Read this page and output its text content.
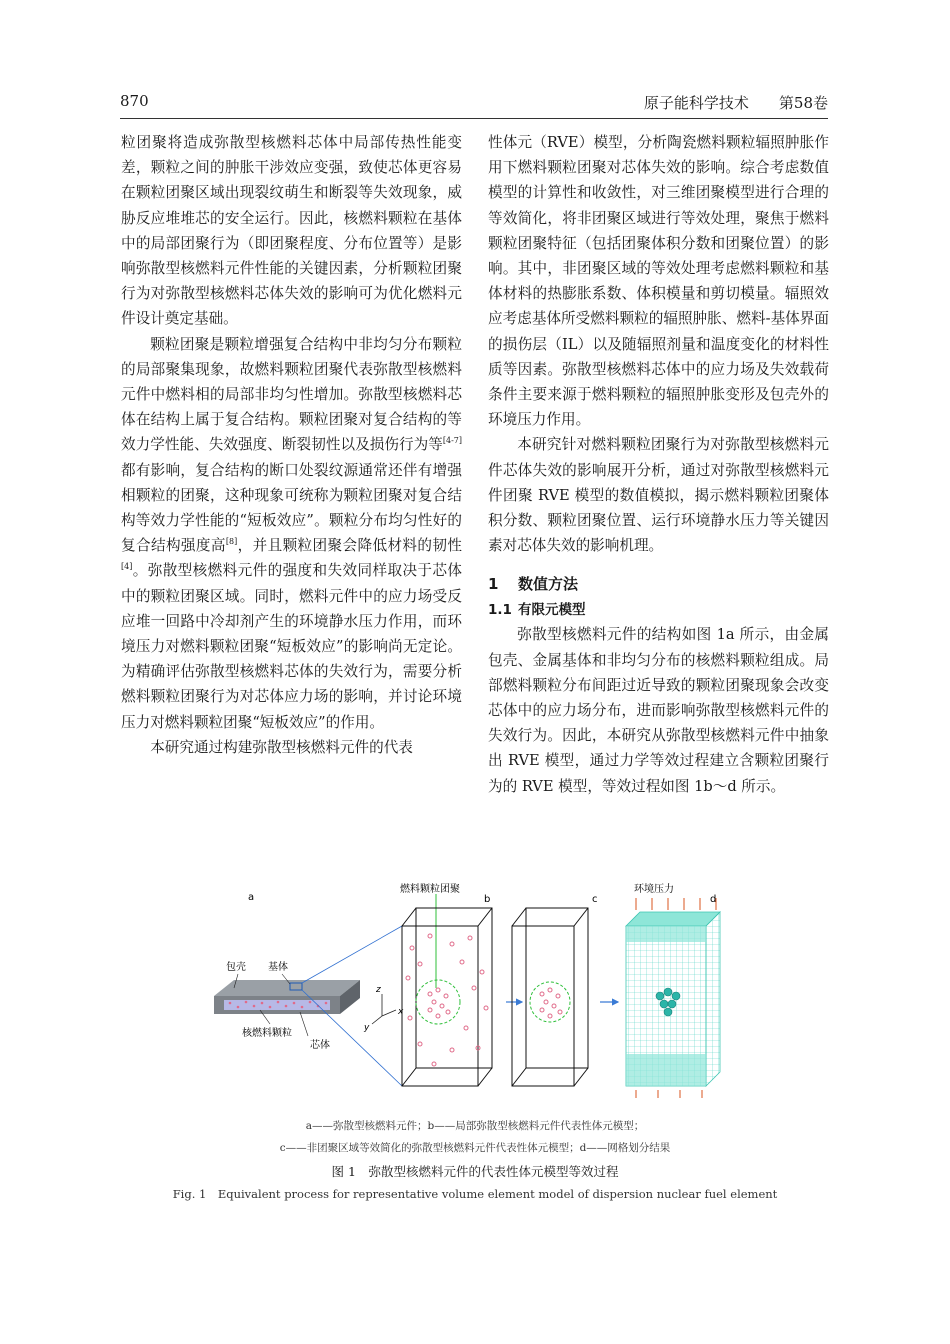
870	原子能科学技术　　第58卷

粒团聚将造成弥散型核燃料芯体中局部传热性能变差，颗粒之间的肿胀干涉效应变强，致使芯体更容易在颗粒团聚区域出现裂纹萌生和断裂等失效现象，威胁反应堆堆芯的安全运行。因此，核燃料颗粒在基体中的局部团聚行为（即团聚程度、分布位置等）是影响弥散型核燃料元件性能的关键因素，分析颗粒团聚行为对弥散型核燃料芯体失效的影响可为优化燃料元件设计奠定基础。

颗粒团聚是颗粒增强复合结构中非均匀分布颗粒的局部聚集现象，故燃料颗粒团聚代表弥散型核燃料元件中燃料相的局部非均匀性增加。弥散型核燃料芯体在结构上属于复合结构。颗粒团聚对复合结构的等效力学性能、失效强度、断裂韧性以及损伤行为等[4-7]都有影响，复合结构的断口处裂纹源通常还伴有增强相颗粒的团聚，这种现象可统称为颗粒团聚对复合结构等效力学性能的“短板效应”。颗粒分布均匀性好的复合结构强度高[8]，并且颗粒团聚会降低材料的韧性[4]。弥散型核燃料元件的强度和失效同样取决于芯体中的颗粒团聚区域。同时，燃料元件中的应力场受反应堆一回路中冷却剂产生的环境静水压力作用，而环境压力对燃料颗粒团聚“短板效应”的影响尚无定论。为精确评估弥散型核燃料芯体的失效行为，需要分析燃料颗粒团聚行为对芯体应力场的影响，并讨论环境压力对燃料颗粒团聚“短板效应”的作用。

本研究通过构建弥散型核燃料元件的代表

性体元（RVE）模型，分析陶瓷燃料颗粒辐照肿胀作用下燃料颗粒团聚对芯体失效的影响。综合考虑数值模型的计算性和收敛性，对三维团聚模型进行合理的等效简化，将非团聚区域进行等效处理，聚焦于燃料颗粒团聚特征（包括团聚体积分数和团聚位置）的影响。其中，非团聚区域的等效处理考虑燃料颗粒和基体材料的热膨胀系数、体积模量和剪切模量。辐照效应考虑基体所受燃料颗粒的辐照肿胀、燃料-基体界面的损伤层（IL）以及随辐照剂量和温度变化的材料性质等因素。弥散型核燃料芯体中的应力场及失效载荷条件主要来源于燃料颗粒的辐照肿胀变形及包壳外的环境压力作用。

本研究针对燃料颗粒团聚行为对弥散型核燃料元件芯体失效的影响展开分析，通过对弥散型核燃料元件团聚 RVE 模型的数值模拟，揭示燃料颗粒团聚体积分数、颗粒团聚位置、运行环境静水压力等关键因素对芯体失效的影响机理。

1 数值方法
1.1 有限元模型

弥散型核燃料元件的结构如图 1a 所示，由金属包壳、金属基体和非均匀分布的核燃料颗粒组成。局部燃料颗粒分布间距过近导致的颗粒团聚现象会改变芯体中的应力场分布，进而影响弥散型核燃料元件的失效行为。因此，本研究从弥散型核燃料元件中抽象出 RVE 模型，通过力学等效过程建立含颗粒团聚行为的 RVE 模型，等效过程如图 1b～d 所示。

a
包壳 基体
核燃料颗粒
芯体
z
x
y
燃料颗粒团聚
b	c
环境压力
d
a——弥散型核燃料元件；b——局部弥散型核燃料元件代表性体元模型；
c——非团聚区域等效简化的弥散型核燃料元件代表性体元模型；d——网格划分结果
图 1　弥散型核燃料元件的代表性体元模型等效过程
Fig. 1　Equivalent process for representative volume element model of dispersion nuclear fuel element
